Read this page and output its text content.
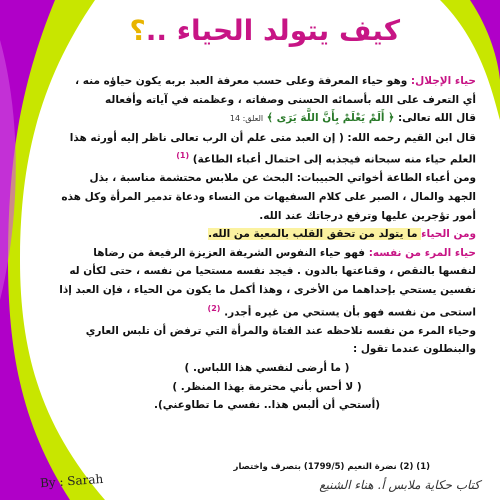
كيف يتولد الحياء ..؟

حياء الإجلال: وهو حياء المعرفة وعلى حسب معرفة العبد بربه يكون حياؤه منه ،

أي التعرف على الله بأسمائه الحسنى وصفاته ، وعظمته في آياته وأفعاله

قال الله تعالى: ﴿ أَلَمْ يَعْلَمْ بِأَنَّ اللَّهَ يَرَى ﴾ العلق: 14

قال ابن القيم رحمه الله: ( إن العبد متى علم أن الرب تعالى ناظر إليه أورثه هذا العلم حياء منه سبحانه فيجذبه إلى احتمال أعباء الطاعة) $^{(1)}$

ومن أعباء الطاعة أخواتي الحبيبات: البحث عن ملابس محتشمة مناسبة ، بذل الجهد والمال ، الصبر على كلام السفيهات من النساء ودعاة تدمير المرأة وكل هذه أمور تؤجرين عليها وترفع درجاتك عند الله.

ومن الحياء ما يتولد من تحقق القلب بالمعية من الله.

حياء المرء من نفسه: فهو حياء النفوس الشريفة العزيزة الرفيعة من رضاها لنفسها بالنقص ، وقناعتها بالدون . فيجد نفسه مستحيا من نفسه ، حتى لكأن له نفسين يستحي بإحداهما من الأخرى ، وهذا أكمل ما يكون من الحياء ، فإن العبد إذا استحى من نفسه فهو بأن يستحي من غيره أجدر. $^{(2)}$

وحياء المرء من نفسه نلاحظه عند الفتاة والمرأة التي ترفض أن تلبس العاري والبنطلون عندما تقول :

( ما أرضى لنفسي هذا اللباس. )

( لا أحس بأني محترمة بهذا المنظر. )

(أستحي أن ألبس هذا.. نفسي ما تطاوعني).

(1) (2) نضرة النعيم (1799/5) بتصرف واختصار
By : Sarah	كتاب حكاية ملابس أ. هناء الشنيع
